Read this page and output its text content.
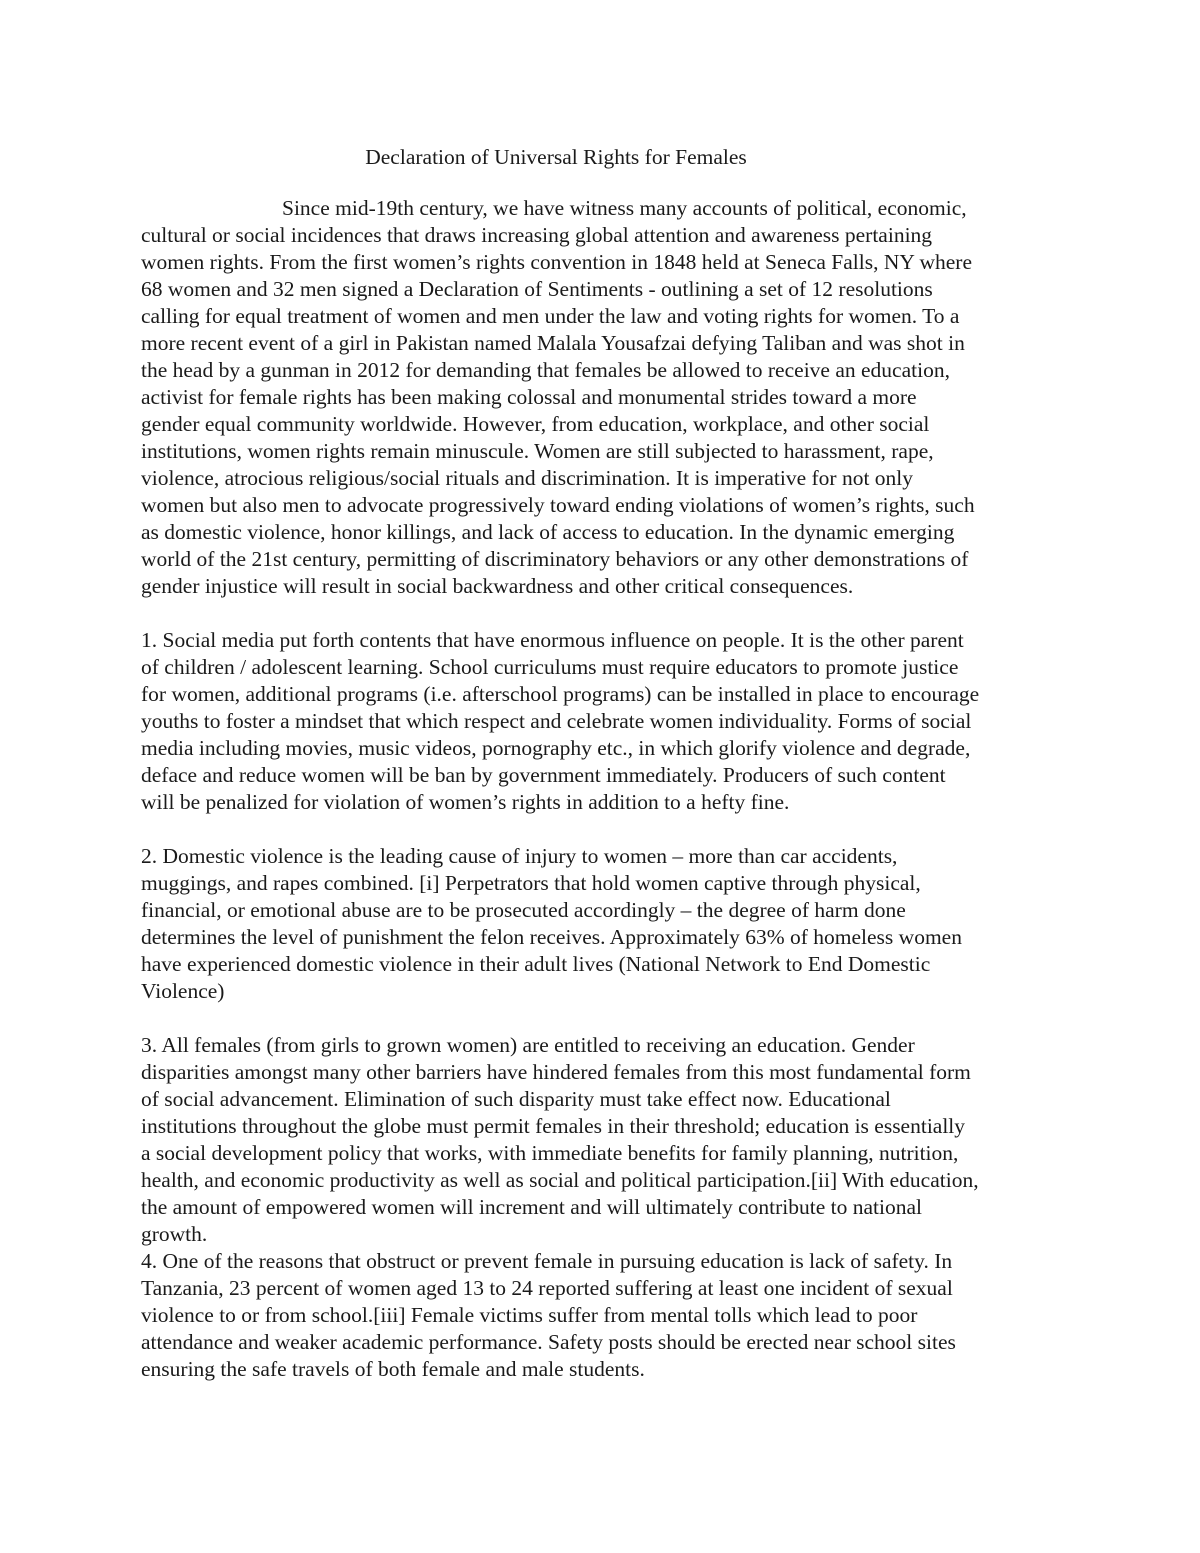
Declaration of Universal Rights for Females
Since mid-19th century, we have witness many accounts of political, economic,
cultural or social incidences that draws increasing global attention and awareness pertaining
women rights. From the first women’s rights convention in 1848 held at Seneca Falls, NY where
68 women and 32 men signed a Declaration of Sentiments - outlining a set of 12 resolutions
calling for equal treatment of women and men under the law and voting rights for women. To a
more recent event of a girl in Pakistan named Malala Yousafzai defying Taliban and was shot in
the head by a gunman in 2012 for demanding that females be allowed to receive an education,
activist for female rights has been making colossal and monumental strides toward a more
gender equal community worldwide. However, from education, workplace, and other social
institutions, women rights remain minuscule. Women are still subjected to harassment, rape,
violence, atrocious religious/social rituals and discrimination. It is imperative for not only
women but also men to advocate progressively toward ending violations of women’s rights, such
as domestic violence, honor killings, and lack of access to education. In the dynamic emerging
world of the 21st century, permitting of discriminatory behaviors or any other demonstrations of
gender injustice will result in social backwardness and other critical consequences.
1. Social media put forth contents that have enormous influence on people. It is the other parent
of children / adolescent learning. School curriculums must require educators to promote justice
for women, additional programs (i.e. afterschool programs) can be installed in place to encourage
youths to foster a mindset that which respect and celebrate women individuality. Forms of social
media including movies, music videos, pornography etc., in which glorify violence and degrade,
deface and reduce women will be ban by government immediately. Producers of such content
will be penalized for violation of women’s rights in addition to a hefty fine.
2. Domestic violence is the leading cause of injury to women – more than car accidents,
muggings, and rapes combined. [i] Perpetrators that hold women captive through physical,
financial, or emotional abuse are to be prosecuted accordingly – the degree of harm done
determines the level of punishment the felon receives. Approximately 63% of homeless women
have experienced domestic violence in their adult lives (National Network to End Domestic
Violence)
3. All females (from girls to grown women) are entitled to receiving an education. Gender
disparities amongst many other barriers have hindered females from this most fundamental form
of social advancement. Elimination of such disparity must take effect now. Educational
institutions throughout the globe must permit females in their threshold; education is essentially
a social development policy that works, with immediate benefits for family planning, nutrition,
health, and economic productivity as well as social and political participation.[ii] With education,
the amount of empowered women will increment and will ultimately contribute to national
growth.
4. One of the reasons that obstruct or prevent female in pursuing education is lack of safety. In
Tanzania, 23 percent of women aged 13 to 24 reported suffering at least one incident of sexual
violence to or from school.[iii] Female victims suffer from mental tolls which lead to poor
attendance and weaker academic performance. Safety posts should be erected near school sites
ensuring the safe travels of both female and male students.
